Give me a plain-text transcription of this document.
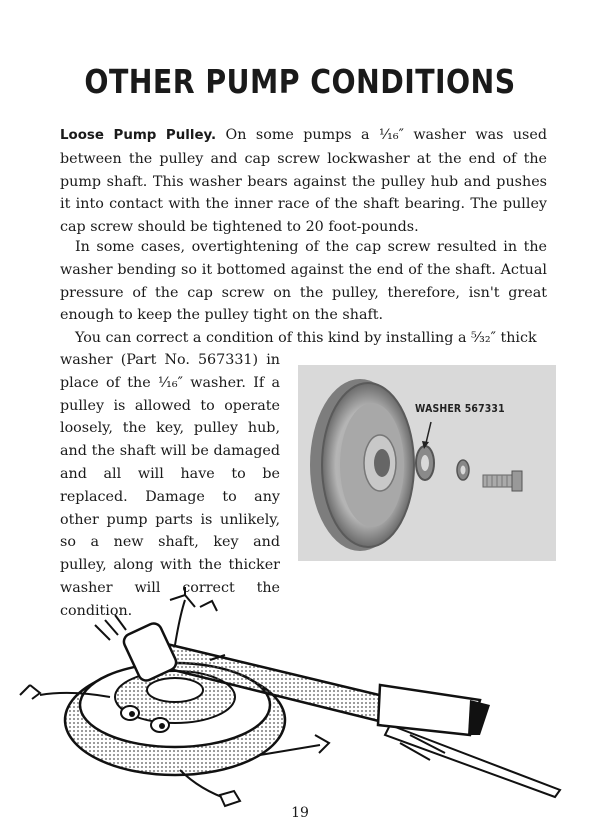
OTHER PUMP CONDITIONS

Loose Pump Pulley. On some pumps a ¹⁄₁₆″ washer was used between the pulley and cap screw lockwasher at the end of the pump shaft. This washer bears against the pulley hub and pushes it into contact with the inner race of the shaft bearing. The pulley cap screw should be tightened to 20 foot-pounds.

In some cases, overtightening of the cap screw resulted in the washer bending so it bottomed against the end of the shaft. Actual pressure of the cap screw on the pulley, therefore, isn't great enough to keep the pulley tight on the shaft.

You can correct a condition of this kind by installing a ⁵⁄₃₂″ thick

washer (Part No. 567331) in place of the ¹⁄₁₆″ washer. If a pulley is allowed to operate loosely, the key, pulley hub, and the shaft will be damaged and all will have to be replaced. Damage to any other pump parts is unlikely, so a new shaft, key and pulley, along with the thicker washer will correct the condition.

WASHER 567331
19
